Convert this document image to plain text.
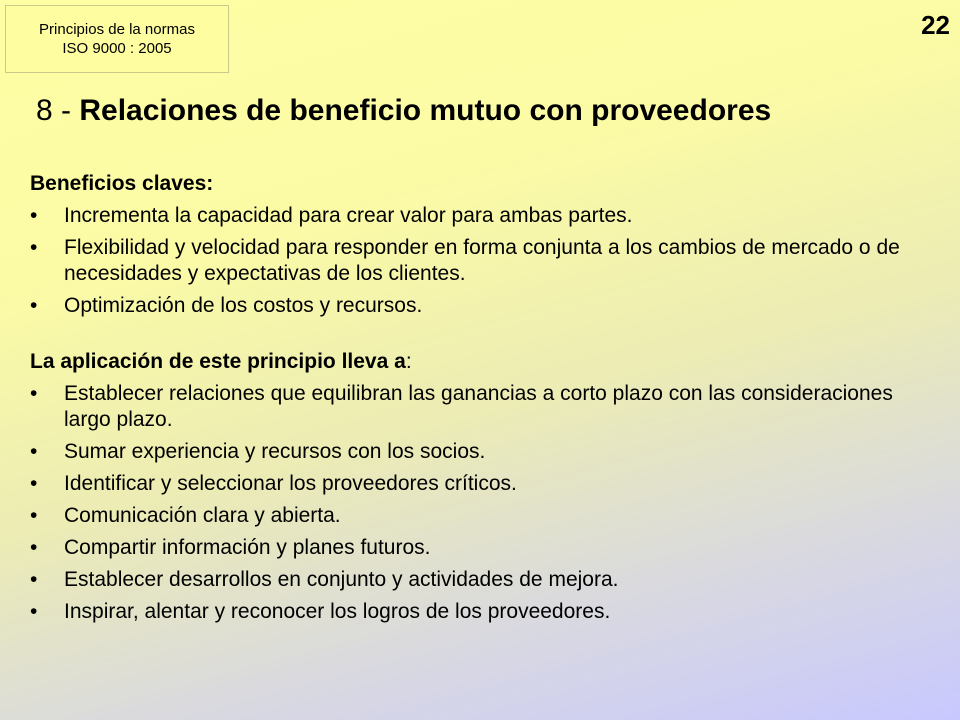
Principios de la normas
ISO 9000 : 2005
22
8 - Relaciones de beneficio mutuo con proveedores

Beneficios claves:

• Incrementa la capacidad para crear valor para ambas partes.
• Flexibilidad y velocidad para responder en forma conjunta a los cambios de mercado o de necesidades y expectativas de los clientes.
• Optimización de los costos y recursos.

La aplicación de este principio lleva a:

• Establecer relaciones que equilibran las ganancias a corto plazo con las consideraciones largo plazo.
• Sumar experiencia y recursos con los socios.
• Identificar y seleccionar los proveedores críticos.
• Comunicación clara y abierta.
• Compartir información y planes futuros.
• Establecer desarrollos en conjunto y actividades de mejora.
• Inspirar, alentar y reconocer los logros de los proveedores.
